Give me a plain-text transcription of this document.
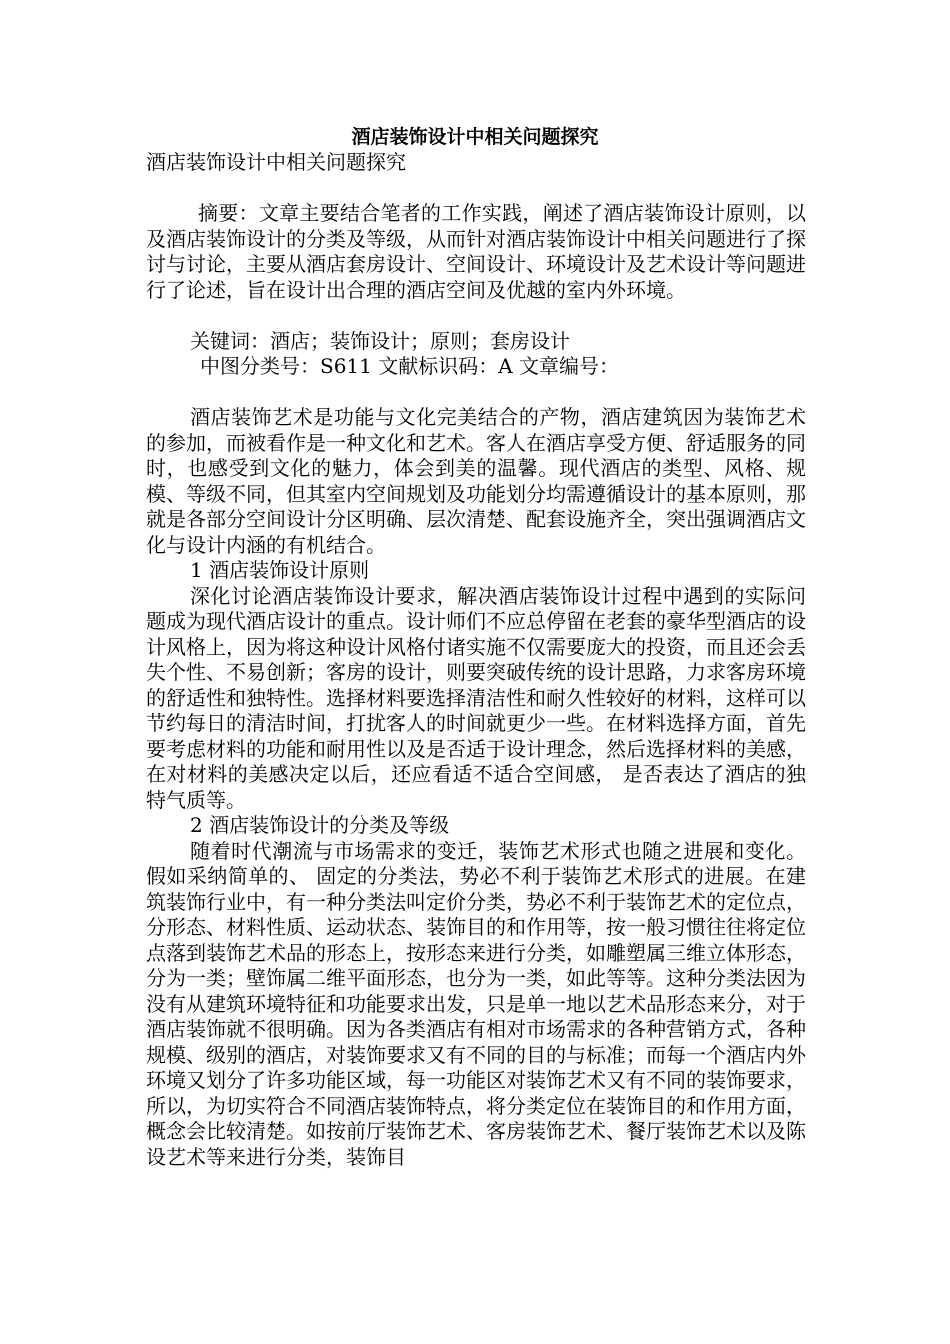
酒店装饰设计中相关问题探究

酒店装饰设计中相关问题探究

摘要：文章主要结合笔者的工作实践，阐述了酒店装饰设计原则，以及酒店装饰设计的分类及等级，从而针对酒店装饰设计中相关问题进行了探讨与讨论，主要从酒店套房设计、空间设计、环境设计及艺术设计等问题进行了论述，旨在设计出合理的酒店空间及优越的室内外环境。

关键词：酒店；装饰设计；原则；套房设计

中图分类号：S611 文献标识码：A 文章编号：

酒店装饰艺术是功能与文化完美结合的产物，酒店建筑因为装饰艺术的参加，而被看作是一种文化和艺术。客人在酒店享受方便、舒适服务的同时，也感受到文化的魅力，体会到美的温馨。现代酒店的类型、风格、规模、等级不同，但其室内空间规划及功能划分均需遵循设计的基本原则，那就是各部分空间设计分区明确、层次清楚、配套设施齐全，突出强调酒店文化与设计内涵的有机结合。

1 酒店装饰设计原则

深化讨论酒店装饰设计要求，解决酒店装饰设计过程中遇到的实际问题成为现代酒店设计的重点。设计师们不应总停留在老套的豪华型酒店的设计风格上，因为将这种设计风格付诸实施不仅需要庞大的投资，而且还会丢失个性、不易创新；客房的设计，则要突破传统的设计思路，力求客房环境的舒适性和独特性。选择材料要选择清洁性和耐久性较好的材料，这样可以节约每日的清洁时间，打扰客人的时间就更少一些。在材料选择方面，首先要考虑材料的功能和耐用性以及是否适于设计理念，然后选择材料的美感，在对材料的美感决定以后，还应看适不适合空间感， 是否表达了酒店的独特气质等。

2 酒店装饰设计的分类及等级

随着时代潮流与市场需求的变迁，装饰艺术形式也随之进展和变化。假如采纳简单的、 固定的分类法，势必不利于装饰艺术形式的进展。在建筑装饰行业中，有一种分类法叫定价分类，势必不利于装饰艺术的定位点，分形态、材料性质、运动状态、装饰目的和作用等，按一般习惯往往将定位点落到装饰艺术品的形态上，按形态来进行分类，如雕塑属三维立体形态，分为一类；壁饰属二维平面形态，也分为一类，如此等等。这种分类法因为没有从建筑环境特征和功能要求出发，只是单一地以艺术品形态来分，对于酒店装饰就不很明确。因为各类酒店有相对市场需求的各种营销方式，各种规模、级别的酒店，对装饰要求又有不同的目的与标准；而每一个酒店内外环境又划分了许多功能区域，每一功能区对装饰艺术又有不同的装饰要求，所以，为切实符合不同酒店装饰特点，将分类定位在装饰目的和作用方面，概念会比较清楚。如按前厅装饰艺术、客房装饰艺术、餐厅装饰艺术以及陈设艺术等来进行分类，装饰目
